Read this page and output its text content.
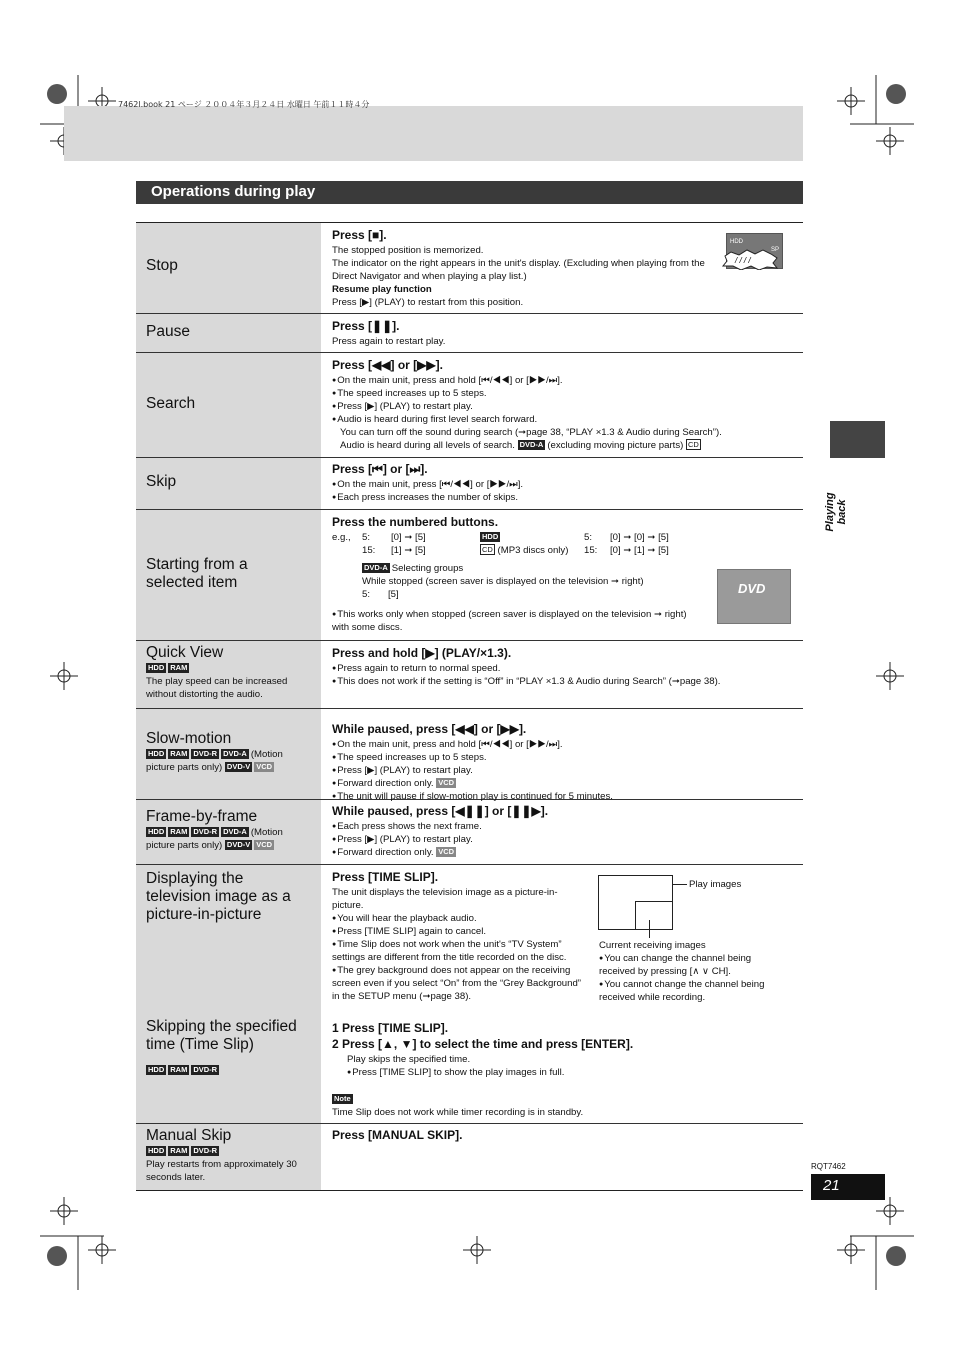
7462l.book 21 ページ ２００４年３月２４日 水曜日 午前１１時４分
Operations during play
Playing back
RQT7462
21
Stop
Press [■].
The stopped position is memorized.
The indicator on the right appears in the unit's display. (Excluding when playing from the Direct Navigator and when playing a play list.)
Resume play function
Press [▶] (PLAY) to restart from this position.
HDD
SP
/ / / /
Pause	Press [❚❚].
Press again to restart play.
Search
Press [◀◀] or [▶▶].
● On the main unit, press and hold [⏮/◀◀] or [▶▶/⏭].
● The speed increases up to 5 steps.
● Press [▶] (PLAY) to restart play.
● Audio is heard during first level search forward.
You can turn off the sound during search (➞page 38, “PLAY ×1.3 & Audio during Search”).
Audio is heard during all levels of search. DVD-A (excluding moving picture parts) CD
Skip
Press [⏮] or [⏭].
● On the main unit, press [⏮/◀◀] or [▶▶/⏭].
● Each press increases the number of skips.
Starting from a selected item
Press the numbered buttons.
e.g., 5: [0] ➞ [5]
15: [1] ➞ [5]
HDD
CD (MP3 discs only)
5: [0] ➞ [0] ➞ [5]
15: [0] ➞ [1] ➞ [5]
DVD-A Selecting groups
While stopped (screen saver is displayed on the television ➞ right)
5: [5]
● This works only when stopped (screen saver is displayed on the television ➞ right) with some discs.
DVD
Quick View
HDD RAM
The play speed can be increased without distorting the audio.
Press and hold [▶] (PLAY/×1.3).
● Press again to return to normal speed.
● This does not work if the setting is “Off” in “PLAY ×1.3 & Audio during Search” (➞page 38).
Slow-motion
HDD RAM DVD-R DVD-A (Motion
picture parts only) DVD-V VCD
While paused, press [◀◀] or [▶▶].
● On the main unit, press and hold [⏮/◀◀] or [▶▶/⏭].
● The speed increases up to 5 steps.
● Press [▶] (PLAY) to restart play.
● Forward direction only. VCD
● The unit will pause if slow-motion play is continued for 5 minutes.
Frame-by-frame
HDD RAM DVD-R DVD-A (Motion
picture parts only) DVD-V VCD
While paused, press [◀❚❚] or [❚❚▶].
● Each press shows the next frame.
● Press [▶] (PLAY) to restart play.
● Forward direction only. VCD
Displaying the television image as a picture-in-picture
Skipping the specified time (Time Slip)
HDD RAM DVD-R
Press [TIME SLIP].
The unit displays the television image as a picture-in-picture.
● You will hear the playback audio.
● Press [TIME SLIP] again to cancel.
● Time Slip does not work when the unit's “TV System” settings are different from the title recorded on the disc.
● The grey background does not appear on the receiving screen even if you select “On” from the “Grey Background” in the SETUP menu (➞page 38).
Play images
Current receiving images
● You can change the channel being received by pressing [∧ ∨ CH].
● You cannot change the channel being received while recording.
1 Press [TIME SLIP].
2 Press [▲, ▼] to select the time and press [ENTER].
Play skips the specified time.
● Press [TIME SLIP] to show the play images in full.
Note
Time Slip does not work while timer recording is in standby.
Manual Skip
HDD RAM DVD-R
Play restarts from approximately 30 seconds later.
Press [MANUAL SKIP].
